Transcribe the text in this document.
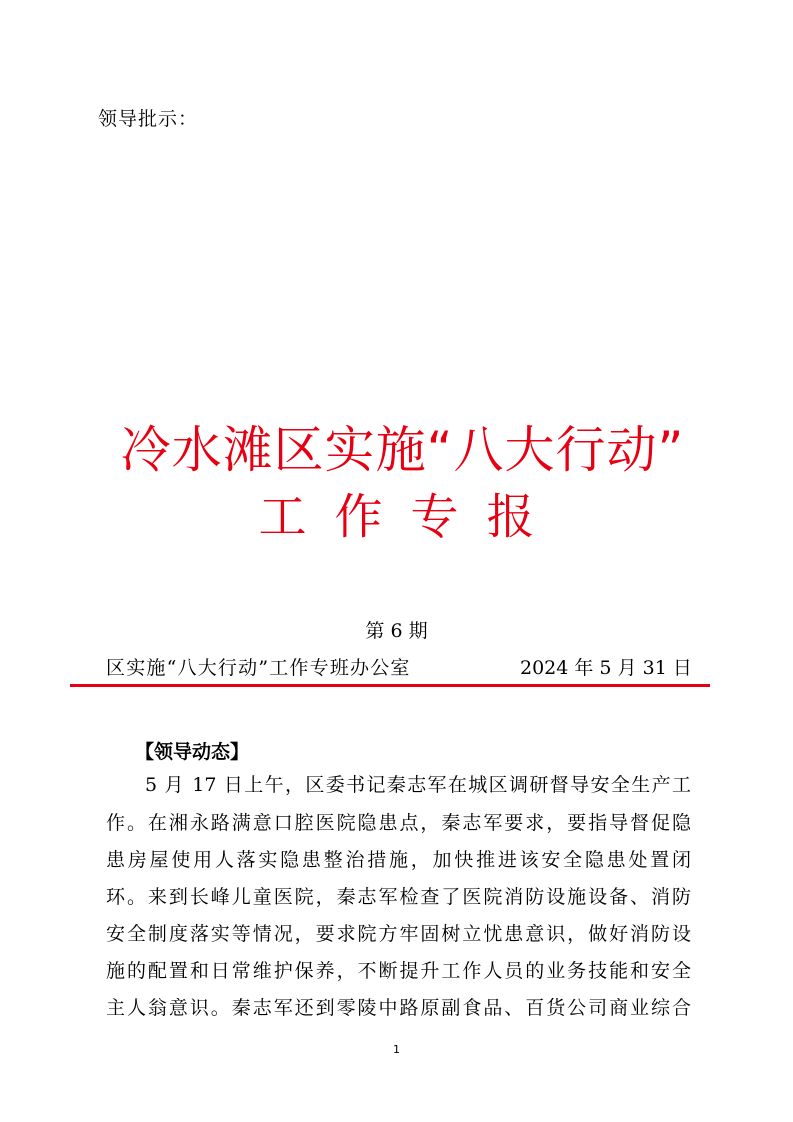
领导批示：
冷水滩区实施“八大行动”
工作专报
第 6 期
区实施“八大行动”工作专班办公室	2024 年 5 月 31 日
【领导动态】
5 月 17 日上午，区委书记秦志军在城区调研督导安全生产工
作。在湘永路满意口腔医院隐患点，秦志军要求，要指导督促隐
患房屋使用人落实隐患整治措施，加快推进该安全隐患处置闭
环。来到长峰儿童医院，秦志军检查了医院消防设施设备、消防
安全制度落实等情况，要求院方牢固树立忧患意识，做好消防设
施的配置和日常维护保养，不断提升工作人员的业务技能和安全
主人翁意识。秦志军还到零陵中路原副食品、百货公司商业综合
1
